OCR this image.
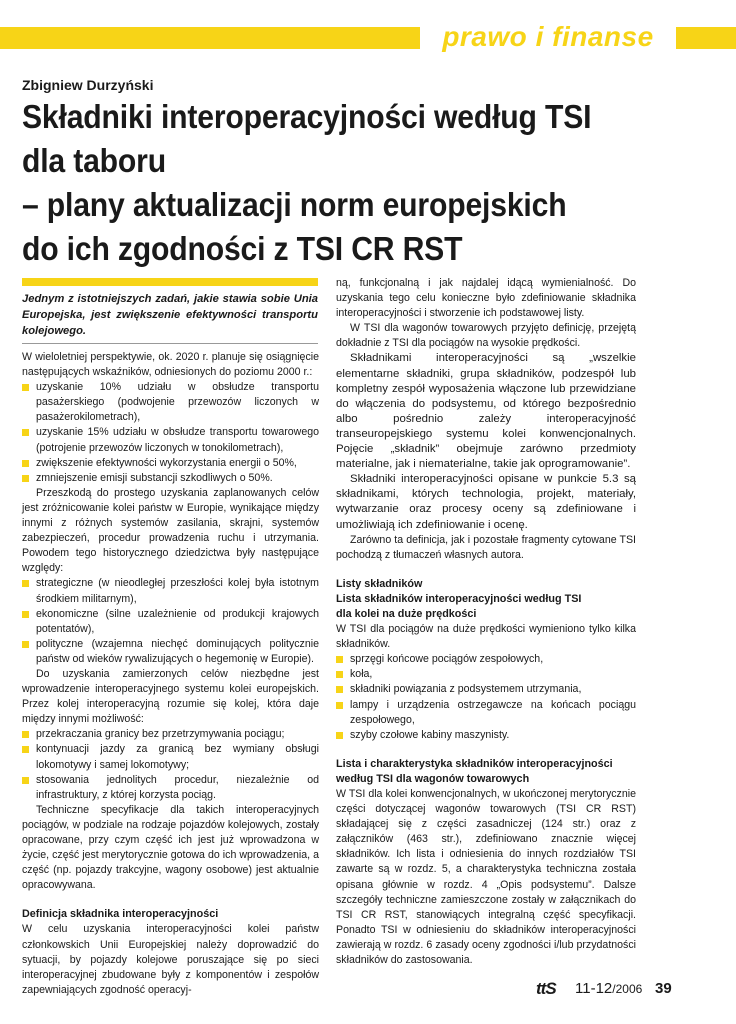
prawo i finanse
Zbigniew Durzyński
Składniki interoperacyjności według TSI
dla taboru
– plany aktualizacji norm europejskich
do ich zgodności z TSI CR RST

Jednym z istotniejszych zadań, jakie stawia sobie Unia Europejska, jest zwiększenie efektywności transportu kolejowego.

W wieloletniej perspektywie, ok. 2020 r. planuje się osiągnięcie następujących wskaźników, odniesionych do poziomu 2000 r.:

uzyskanie 10% udziału w obsłudze transportu pasażerskiego (podwojenie przewozów liczonych w pasażerokilometrach),
uzyskanie 15% udziału w obsłudze transportu towarowego (potrojenie przewozów liczonych w tonokilometrach),
zwiększenie efektywności wykorzystania energii o 50%,
zmniejszenie emisji substancji szkodliwych o 50%.

Przeszkodą do prostego uzyskania zaplanowanych celów jest zróżnicowanie kolei państw w Europie, wynikające między innymi z różnych systemów zasilania, skrajni, systemów zabezpieczeń, procedur prowadzenia ruchu i utrzymania. Powodem tego historycznego dziedzictwa były następujące względy:

strategiczne (w nieodległej przeszłości kolej była istotnym środkiem militarnym),
ekonomiczne (silne uzależnienie od produkcji krajowych potentatów),
polityczne (wzajemna niechęć dominujących politycznie państw od wieków rywalizujących o hegemonię w Europie).

Do uzyskania zamierzonych celów niezbędne jest wprowadzenie interoperacyjnego systemu kolei europejskich. Przez kolej interoperacyjną rozumie się kolej, która daje między innymi możliwość:

przekraczania granicy bez przetrzymywania pociągu;
kontynuacji jazdy za granicą bez wymiany obsługi lokomotywy i samej lokomotywy;
stosowania jednolitych procedur, niezależnie od infrastruktury, z której korzysta pociąg.

Techniczne specyfikacje dla takich interoperacyjnych pociągów, w podziale na rodzaje pojazdów kolejowych, zostały opracowane, przy czym część ich jest już wprowadzona w życie, część jest merytorycznie gotowa do ich wprowadzenia, a część (np. pojazdy trakcyjne, wagony osobowe) jest aktualnie opracowywana.

Definicja składnika interoperacyjności

W celu uzyskania interoperacyjności kolei państw członkowskich Unii Europejskiej należy doprowadzić do sytuacji, by pojazdy kolejowe poruszające się po sieci interoperacyjnej zbudowane były z komponentów i zespołów zapewniających zgodność operacyj-

ną, funkcjonalną i jak najdalej idącą wymienialność. Do uzyskania tego celu konieczne było zdefiniowanie składnika interoperacyjności i stworzenie ich podstawowej listy.

W TSI dla wagonów towarowych przyjęto definicję, przejętą dokładnie z TSI dla pociągów na wysokie prędkości.

Składnikami interoperacyjności są „wszelkie elementarne składniki, grupa składników, podzespół lub kompletny zespół wyposażenia włączone lub przewidziane do włączenia do podsystemu, od którego bezpośrednio albo pośrednio zależy interoperacyjność transeuropejskiego systemu kolei konwencjonalnych. Pojęcie „składnik” obejmuje zarówno przedmioty materialne, jak i niematerialne, takie jak oprogramowanie”.

Składniki interoperacyjności opisane w punkcie 5.3 są składnikami, których technologia, projekt, materiały, wytwarzanie oraz procesy oceny są zdefiniowane i umożliwiają ich zdefiniowanie i ocenę.

Zarówno ta definicja, jak i pozostałe fragmenty cytowane TSI pochodzą z tłumaczeń własnych autora.

Listy składników
Lista składników interoperacyjności według TSI
dla kolei na duże prędkości

W TSI dla pociągów na duże prędkości wymieniono tylko kilka składników.

sprzęgi końcowe pociągów zespołowych,
koła,
składniki powiązania z podsystemem utrzymania,
lampy i urządzenia ostrzegawcze na końcach pociągu zespołowego,
szyby czołowe kabiny maszynisty.
Lista i charakterystyka składników interoperacyjności
według TSI dla wagonów towarowych

W TSI dla kolei konwencjonalnych, w ukończonej merytorycznie części dotyczącej wagonów towarowych (TSI CR RST) składającej się z części zasadniczej (124 str.) oraz z załączników (463 str.), zdefiniowano znacznie więcej składników. Ich lista i odniesienia do innych rozdziałów TSI zawarte są w rozdz. 5, a charakterystyka techniczna została opisana głównie w rozdz. 4 „Opis podsystemu”. Dalsze szczegóły techniczne zamieszczone zostały w załącznikach do TSI CR RST, stanowiących integralną część specyfikacji. Ponadto TSI w odniesieniu do składników interoperacyjności zawierają w rozdz. 6 zasady oceny zgodności i/lub przydatności składników do zastosowania.

ttS 11-12/2006 39
